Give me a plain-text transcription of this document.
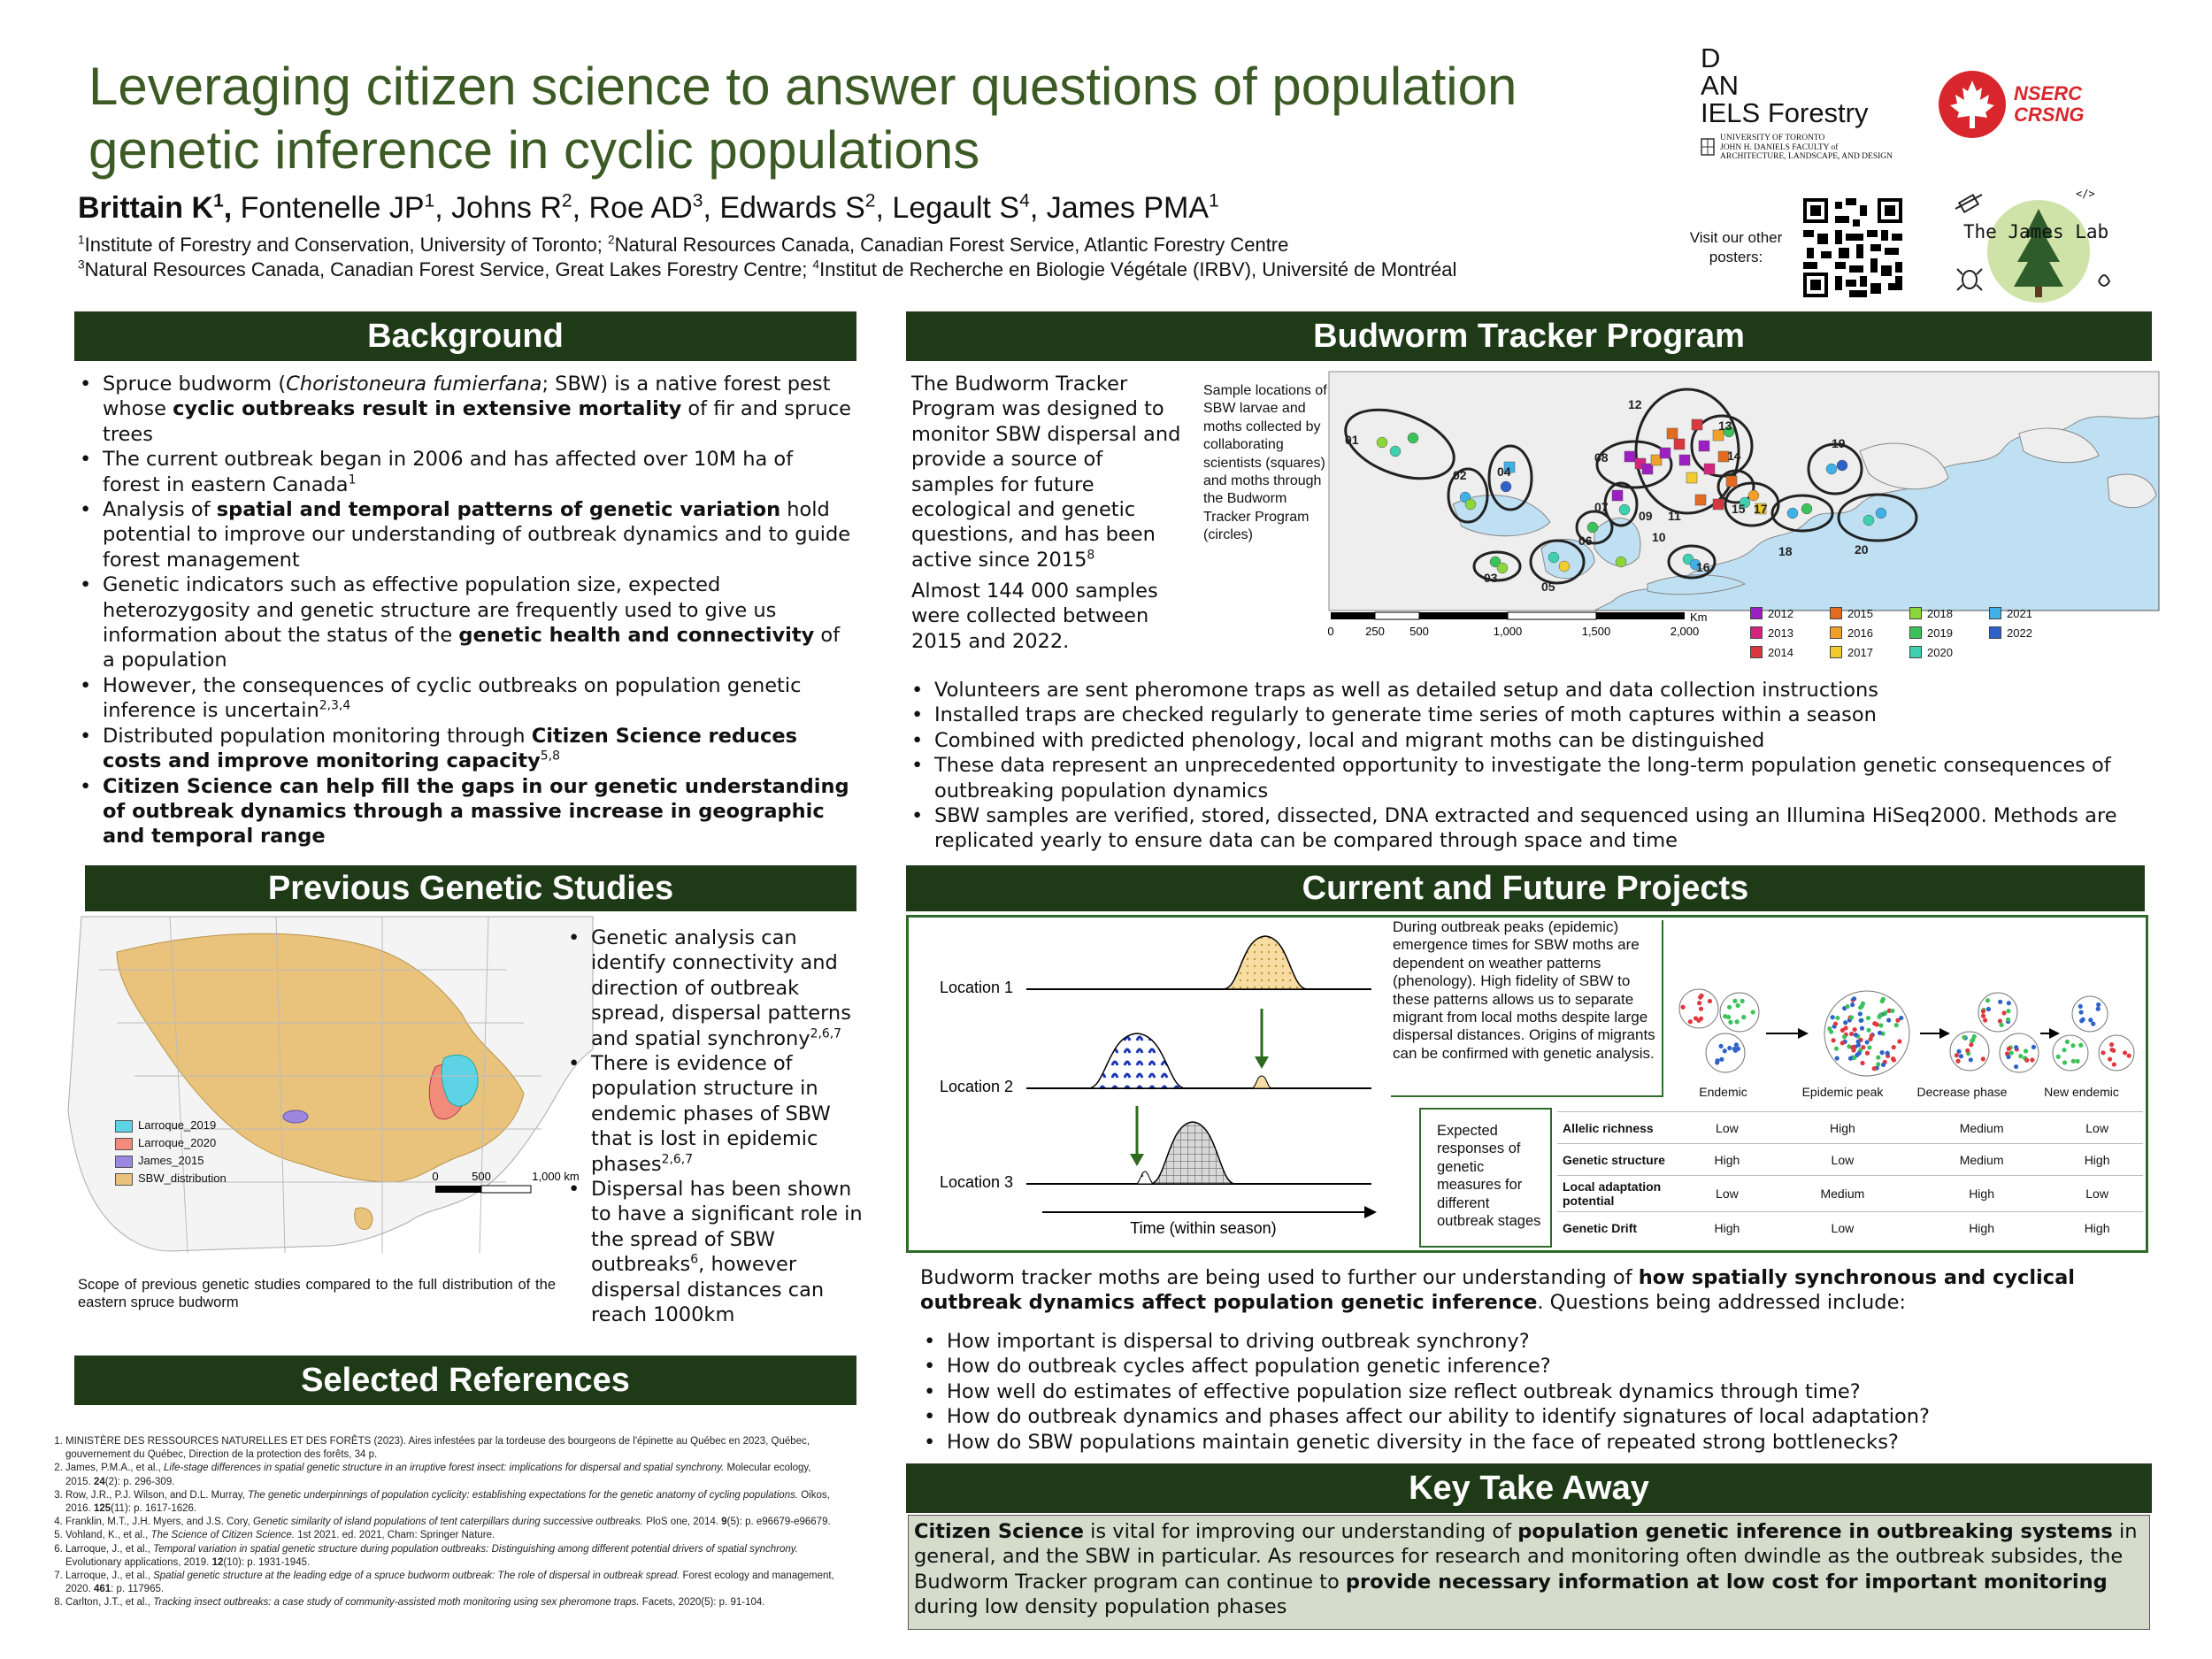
Leveraging citizen science to answer questions of population genetic inference in cyclic populations
Brittain $K^1$, Fontenelle $JP^1$, Johns $R^2$, Roe $AD^3$, Edwards $S^2$, Legault $S^4$, James PMA$^1$
$^1$Institute of Forestry and Conservation, University of Toronto; $^2$Natural Resources Canada, Canadian Forest Service, Atlantic Forestry Centre
$^3$Natural Resources Canada, Canadian Forest Service, Great Lakes Forestry Centre; $^4$Institut de Recherche en Biologie Végétale (IRBV), Université de Montréal
D
AN
IELS Forestry
UNIVERSITY OF TORONTO
JOHN H. DANIELS FACULTY of
ARCHITECTURE, LANDSCAPE, AND DESIGN
NSERC
CRSNG
Visit our other posters:
The James Lab
</>
Background
• Spruce budworm (Choristoneura fumierfana; SBW) is a native forest pest whose cyclic outbreaks result in extensive mortality of fir and spruce trees
• The current outbreak began in 2006 and has affected over 10M ha of forest in eastern Canada$^1$
• Analysis of spatial and temporal patterns of genetic variation hold potential to improve our understanding of outbreak dynamics and to guide forest management
• Genetic indicators such as effective population size, expected heterozygosity and genetic structure are frequently used to give us information about the status of the genetic health and connectivity of a population
• However, the consequences of cyclic outbreaks on population genetic inference is uncertain$^{2,3,4}$
• Distributed population monitoring through Citizen Science reduces costs and improve monitoring capacity$^{5,8}$
• Citizen Science can help fill the gaps in our genetic understanding of outbreak dynamics through a massive increase in geographic and temporal range
Budworm Tracker Program
The Budworm Tracker Program was designed to monitor SBW dispersal and provide a source of samples for future ecological and genetic questions, and has been active since 2015$^8$
Almost 144 000 samples were collected between 2015 and 2022.
Sample locations of SBW larvae and moths collected by collaborating scientists (squares) and moths through the Budworm Tracker Program (circles)
01
02
03
04
05
06
07
08
09
10
11
12
13
14
15
16
17
18
19
20
0	250 500	1,000	1,500	2,000
Km	2012
2013
2014
2015
2016
2017
2018
2019
2020
2021
2022
• Volunteers are sent pheromone traps as well as detailed setup and data collection instructions
• Installed traps are checked regularly to generate time series of moth captures within a season
• Combined with predicted phenology, local and migrant moths can be distinguished
• These data represent an unprecedented opportunity to investigate the long-term population genetic consequences of outbreaking population dynamics
• SBW samples are verified, stored, dissected, DNA extracted and sequenced using an Illumina HiSeq2000. Methods are replicated yearly to ensure data can be compared through space and time
Previous Genetic Studies
Larroque_2019
Larroque_2020
James_2015
SBW_distribution	0	500	1,000 km
Scope of previous genetic studies compared to the full distribution of the eastern spruce budworm
• Genetic analysis can identify connectivity and direction of outbreak spread, dispersal patterns and spatial synchrony$^{2,6,7}$
• There is evidence of population structure in endemic phases of SBW that is lost in epidemic phases$^{2,6,7}$
• Dispersal has been shown to have a significant role in the spread of SBW outbreaks$^6$, however dispersal distances can reach 1000km
Selected References
1. MINISTÈRE DES RESSOURCES NATURELLES ET DES FORÊTS (2023). Aires infestées par la tordeuse des bourgeons de l'épinette au Québec en 2023, Québec, gouvernement du Québec, Direction de la protection des forêts, 34 p.
2. James, P.M.A., et al., Life-stage differences in spatial genetic structure in an irruptive forest insect: implications for dispersal and spatial synchrony. Molecular ecology, 2015. 24(2): p. 296-309.
3. Row, J.R., P.J. Wilson, and D.L. Murray, The genetic underpinnings of population cyclicity: establishing expectations for the genetic anatomy of cycling populations. Oikos, 2016. 125(11): p. 1617-1626.
4. Franklin, M.T., J.H. Myers, and J.S. Cory, Genetic similarity of island populations of tent caterpillars during successive outbreaks. PloS one, 2014. 9(5): p. e96679-e96679.
5. Vohland, K., et al., The Science of Citizen Science. 1st 2021. ed. 2021, Cham: Springer Nature.
6. Larroque, J., et al., Temporal variation in spatial genetic structure during population outbreaks: Distinguishing among different potential drivers of spatial synchrony. Evolutionary applications, 2019. 12(10): p. 1931-1945.
7. Larroque, J., et al., Spatial genetic structure at the leading edge of a spruce budworm outbreak: The role of dispersal in outbreak spread. Forest ecology and management, 2020. 461: p. 117965.
8. Carlton, J.T., et al., Tracking insect outbreaks: a case study of community-assisted moth monitoring using sex pheromone traps. Facets, 2020(5): p. 91-104.
Current and Future Projects
Location 1
Location 2
Location 3
Time (within season)
During outbreak peaks (epidemic) emergence times for SBW moths are dependent on weather patterns (phenology). High fidelity of SBW to these patterns allows us to separate migrant from local moths despite large dispersal distances. Origins of migrants can be confirmed with genetic analysis.
Endemic	Epidemic peak	Decrease phase	New endemic
Expected responses of genetic measures for different outbreak stages
Allelic richness	Low	High	Medium	Low
Genetic structure	High	Low	Medium	High
Local adaptation potential	Low	Medium	High	Low
Genetic Drift	High	Low	High	High
Budworm tracker moths are being used to further our understanding of how spatially synchronous and cyclical outbreak dynamics affect population genetic inference. Questions being addressed include:
• How important is dispersal to driving outbreak synchrony?
• How do outbreak cycles affect population genetic inference?
• How well do estimates of effective population size reflect outbreak dynamics through time?
• How do outbreak dynamics and phases affect our ability to identify signatures of local adaptation?
• How do SBW populations maintain genetic diversity in the face of repeated strong bottlenecks?
Key Take Away
Citizen Science is vital for improving our understanding of population genetic inference in outbreaking systems in general, and the SBW in particular. As resources for research and monitoring often dwindle as the outbreak subsides, the Budworm Tracker program can continue to provide necessary information at low cost for important monitoring during low density population phases
